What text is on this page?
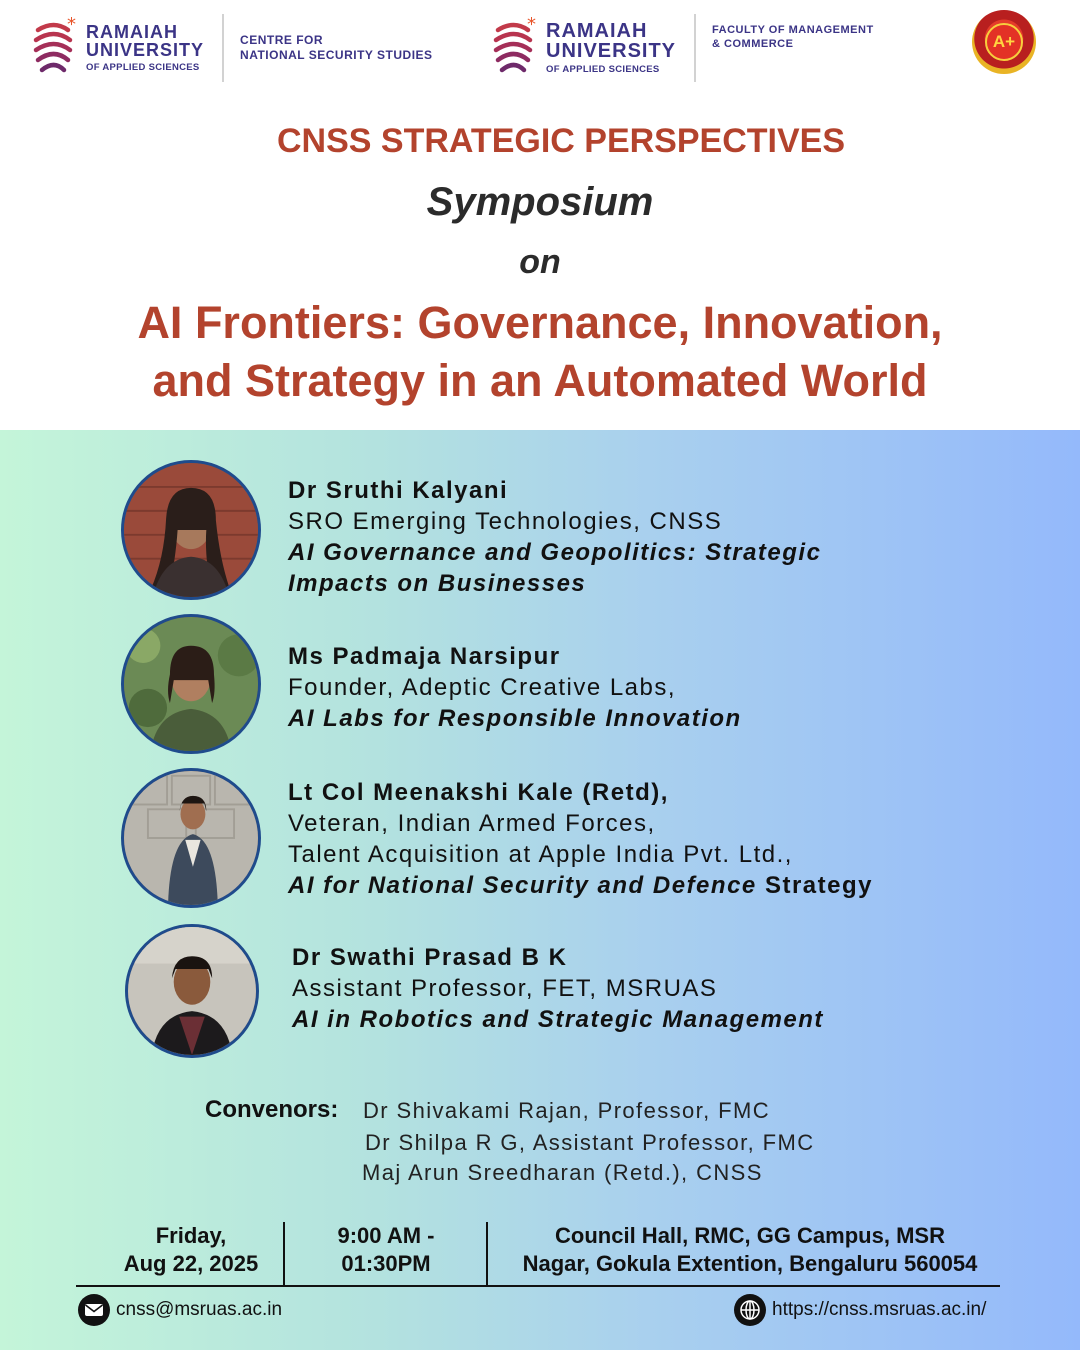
* RAMAIAH
UNIVERSITY
OF APPLIED SCIENCES
CENTRE FOR
NATIONAL SECURITY STUDIES
* RAMAIAH
UNIVERSITY
OF APPLIED SCIENCES
FACULTY OF MANAGEMENT
& COMMERCE	A+
CNSS STRATEGIC PERSPECTIVES
Symposium
on
AI Frontiers: Governance, Innovation,
and Strategy in an Automated World
Dr Sruthi Kalyani
SRO Emerging Technologies, CNSS
AI Governance and Geopolitics: Strategic
Impacts on Businesses
Ms Padmaja Narsipur
Founder, Adeptic Creative Labs,
AI Labs for Responsible Innovation
Lt Col Meenakshi Kale (Retd),
Veteran, Indian Armed Forces,
Talent Acquisition at Apple India Pvt. Ltd.,
AI for National Security and Defence Strategy
Dr Swathi Prasad B K
Assistant Professor, FET, MSRUAS
AI in Robotics and Strategic Management
Convenors: Dr Shivakami Rajan, Professor, FMC
Dr Shilpa R G, Assistant Professor, FMC
Maj Arun Sreedharan (Retd.), CNSS
Friday,
Aug 22, 2025
9:00 AM -
01:30PM
Council Hall, RMC, GG Campus, MSR
Nagar, Gokula Extention, Bengaluru 560054
cnss@msruas.ac.in	https://cnss.msruas.ac.in/
